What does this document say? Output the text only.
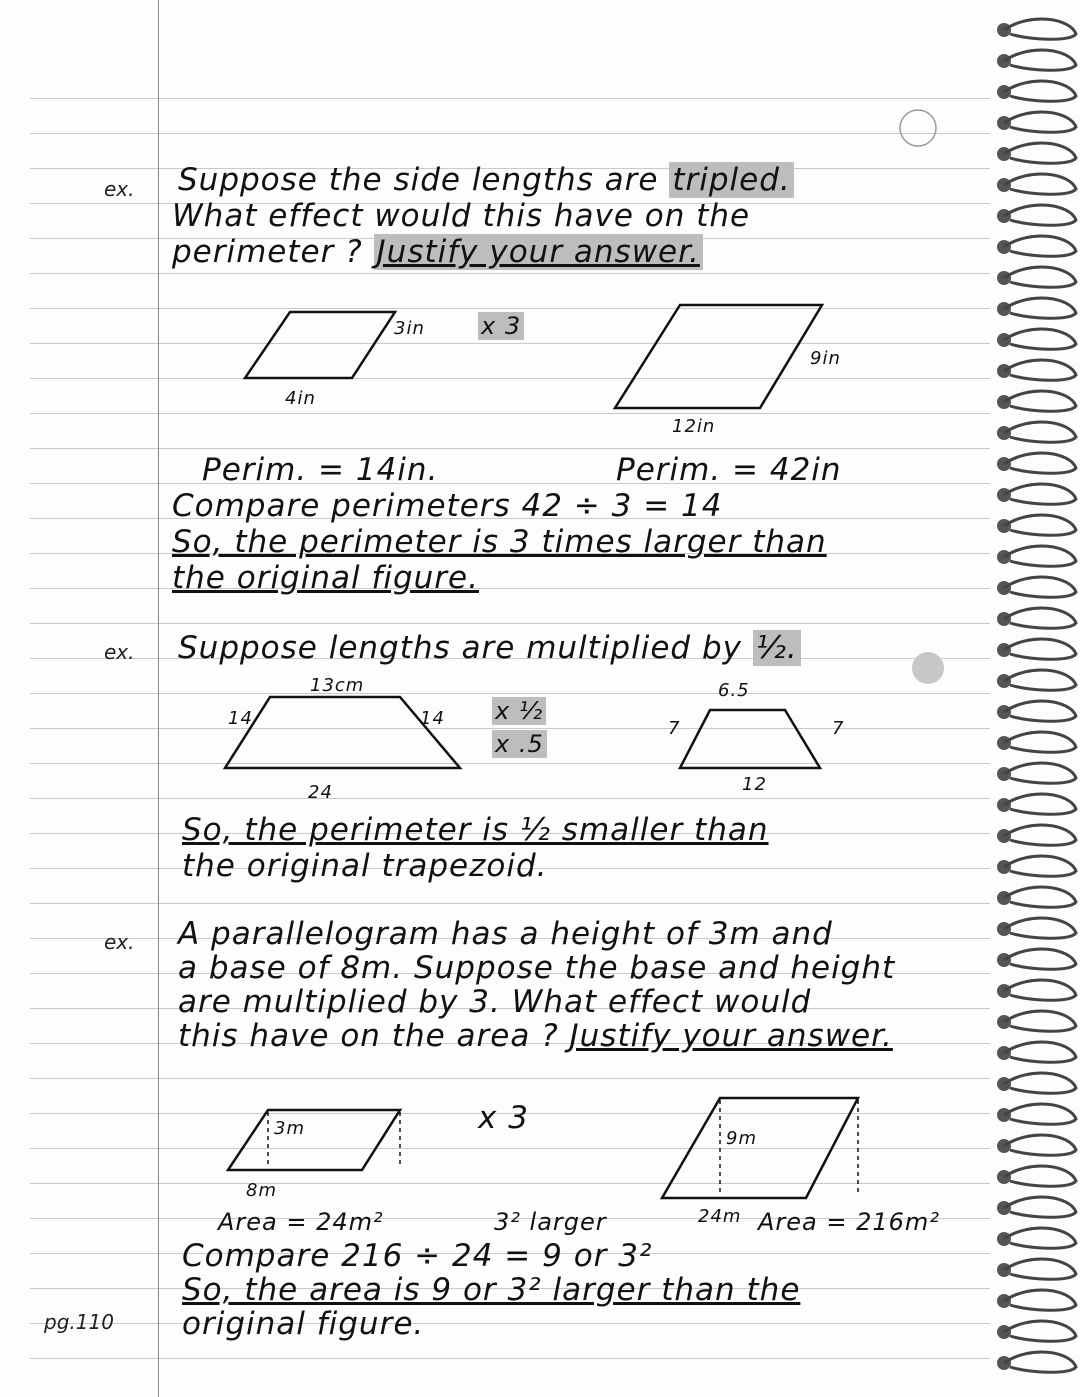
ex.
ex.
ex.
pg.110
Suppose the side lengths are tripled.
What effect would this have on the
perimeter ? Justify your answer.
3in
4in
x 3
9in
12in
Perim. = 14in.	Perim. = 42in
Compare perimeters 42 ÷ 3 = 14
So, the perimeter is 3 times larger than
the original figure.
Suppose lengths are multiplied by ½.
13cm
14	14
24
x ½
x .5
6.5
7	7
12
So, the perimeter is ½ smaller than
the original trapezoid.
A parallelogram has a height of 3m and
a base of 8m. Suppose the base and height
are multiplied by 3. What effect would
this have on the area ? Justify your answer.
3m
8m
x 3
9m
24m
Area = 24m²	3² larger	Area = 216m²
Compare 216 ÷ 24 = 9 or 3²
So, the area is 9 or 3² larger than the
original figure.
